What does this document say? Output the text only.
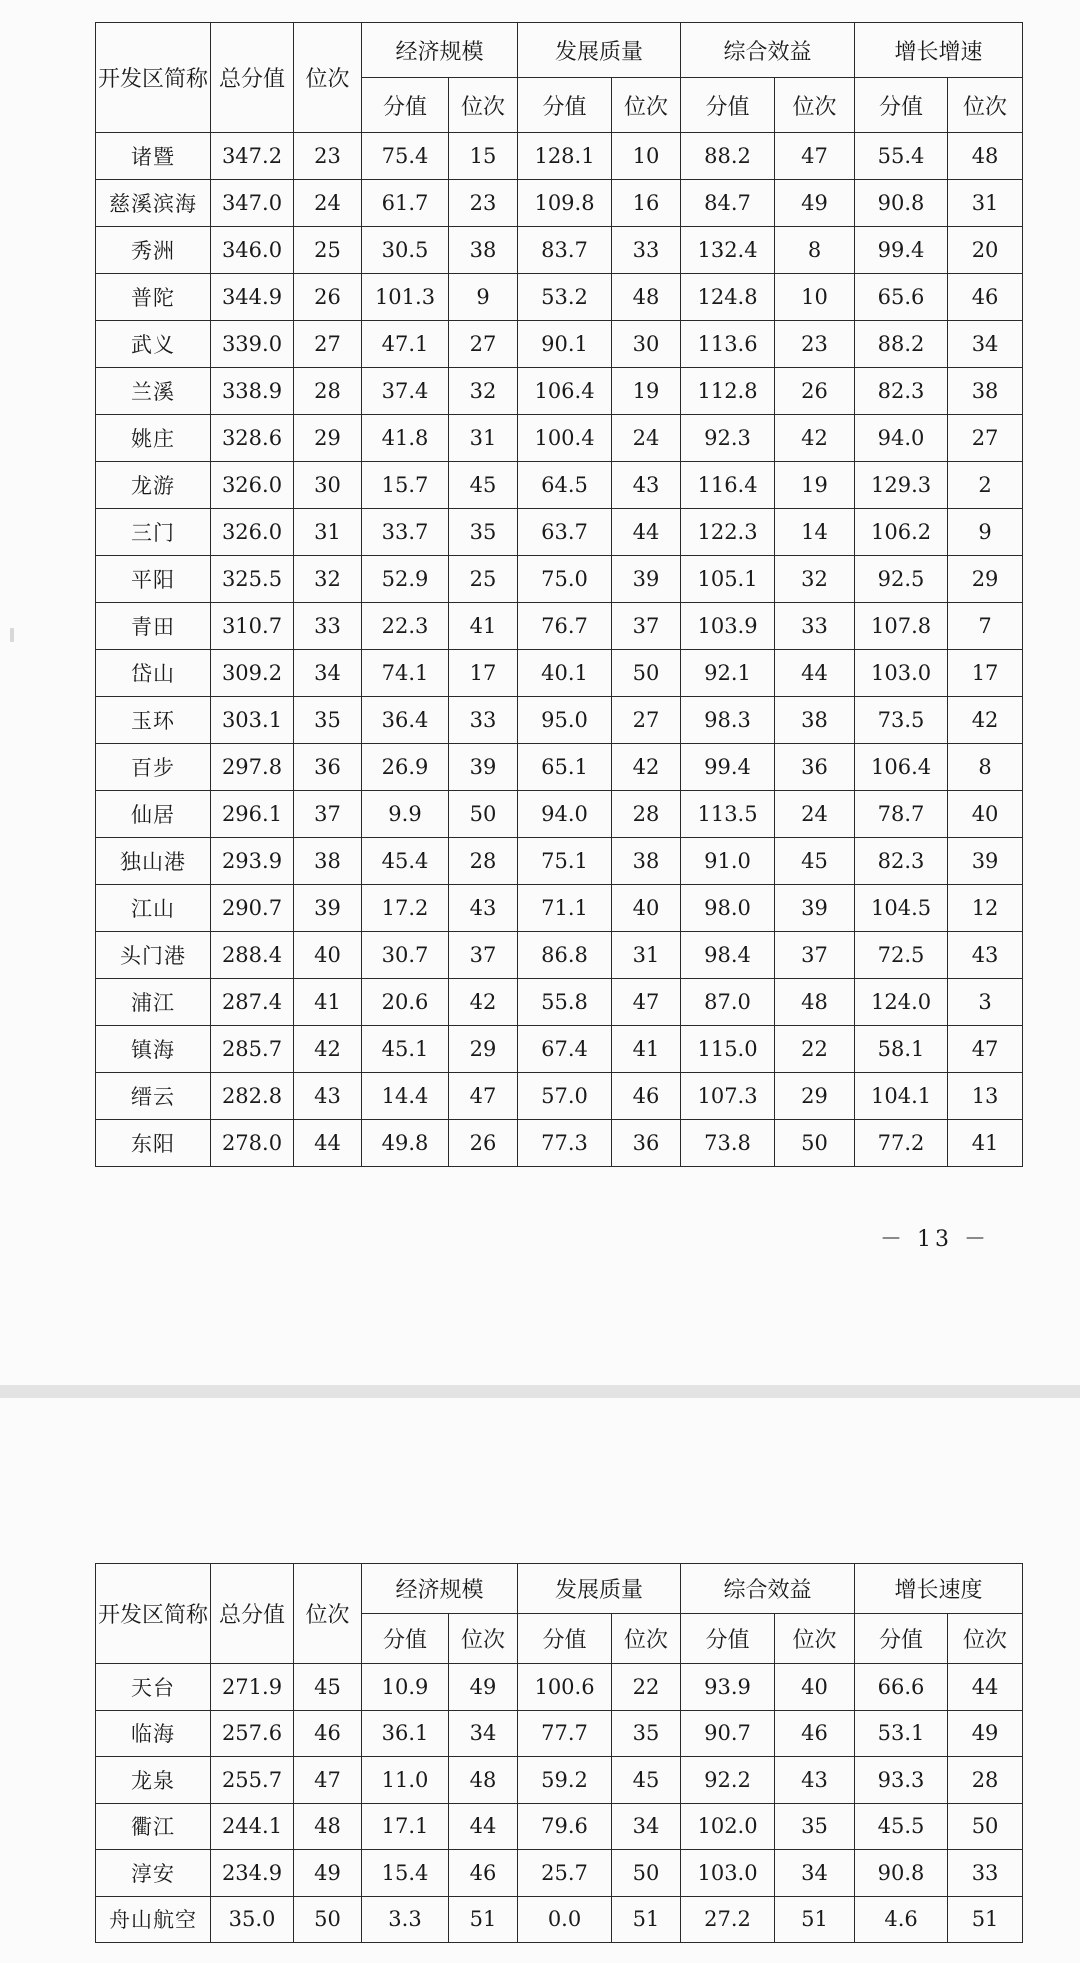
开发区简称	总分值	位次	经济规模		发展质量		综合效益		增长增速	
			分值	位次	分值	位次	分值	位次	分值	位次
诸暨	347.2	23	75.4	15	128.1	10	88.2	47	55.4	48
慈溪滨海	347.0	24	61.7	23	109.8	16	84.7	49	90.8	31
秀洲	346.0	25	30.5	38	83.7	33	132.4	8	99.4	20
普陀	344.9	26	101.3	9	53.2	48	124.8	10	65.6	46
武义	339.0	27	47.1	27	90.1	30	113.6	23	88.2	34
兰溪	338.9	28	37.4	32	106.4	19	112.8	26	82.3	38
姚庄	328.6	29	41.8	31	100.4	24	92.3	42	94.0	27
龙游	326.0	30	15.7	45	64.5	43	116.4	19	129.3	2
三门	326.0	31	33.7	35	63.7	44	122.3	14	106.2	9
平阳	325.5	32	52.9	25	75.0	39	105.1	32	92.5	29
青田	310.7	33	22.3	41	76.7	37	103.9	33	107.8	7
岱山	309.2	34	74.1	17	40.1	50	92.1	44	103.0	17
玉环	303.1	35	36.4	33	95.0	27	98.3	38	73.5	42
百步	297.8	36	26.9	39	65.1	42	99.4	36	106.4	8
仙居	296.1	37	9.9	50	94.0	28	113.5	24	78.7	40
独山港	293.9	38	45.4	28	75.1	38	91.0	45	82.3	39
江山	290.7	39	17.2	43	71.1	40	98.0	39	104.5	12
头门港	288.4	40	30.7	37	86.8	31	98.4	37	72.5	43
浦江	287.4	41	20.6	42	55.8	47	87.0	48	124.0	3
镇海	285.7	42	45.1	29	67.4	41	115.0	22	58.1	47
缙云	282.8	43	14.4	47	57.0	46	107.3	29	104.1	13
东阳	278.0	44	49.8	26	77.3	36	73.8	50	77.2	41
－ 13 －
开发区简称	总分值	位次	经济规模		发展质量		综合效益		增长速度	
			分值	位次	分值	位次	分值	位次	分值	位次
天台	271.9	45	10.9	49	100.6	22	93.9	40	66.6	44
临海	257.6	46	36.1	34	77.7	35	90.7	46	53.1	49
龙泉	255.7	47	11.0	48	59.2	45	92.2	43	93.3	28
衢江	244.1	48	17.1	44	79.6	34	102.0	35	45.5	50
淳安	234.9	49	15.4	46	25.7	50	103.0	34	90.8	33
舟山航空	35.0	50	3.3	51	0.0	51	27.2	51	4.6	51
